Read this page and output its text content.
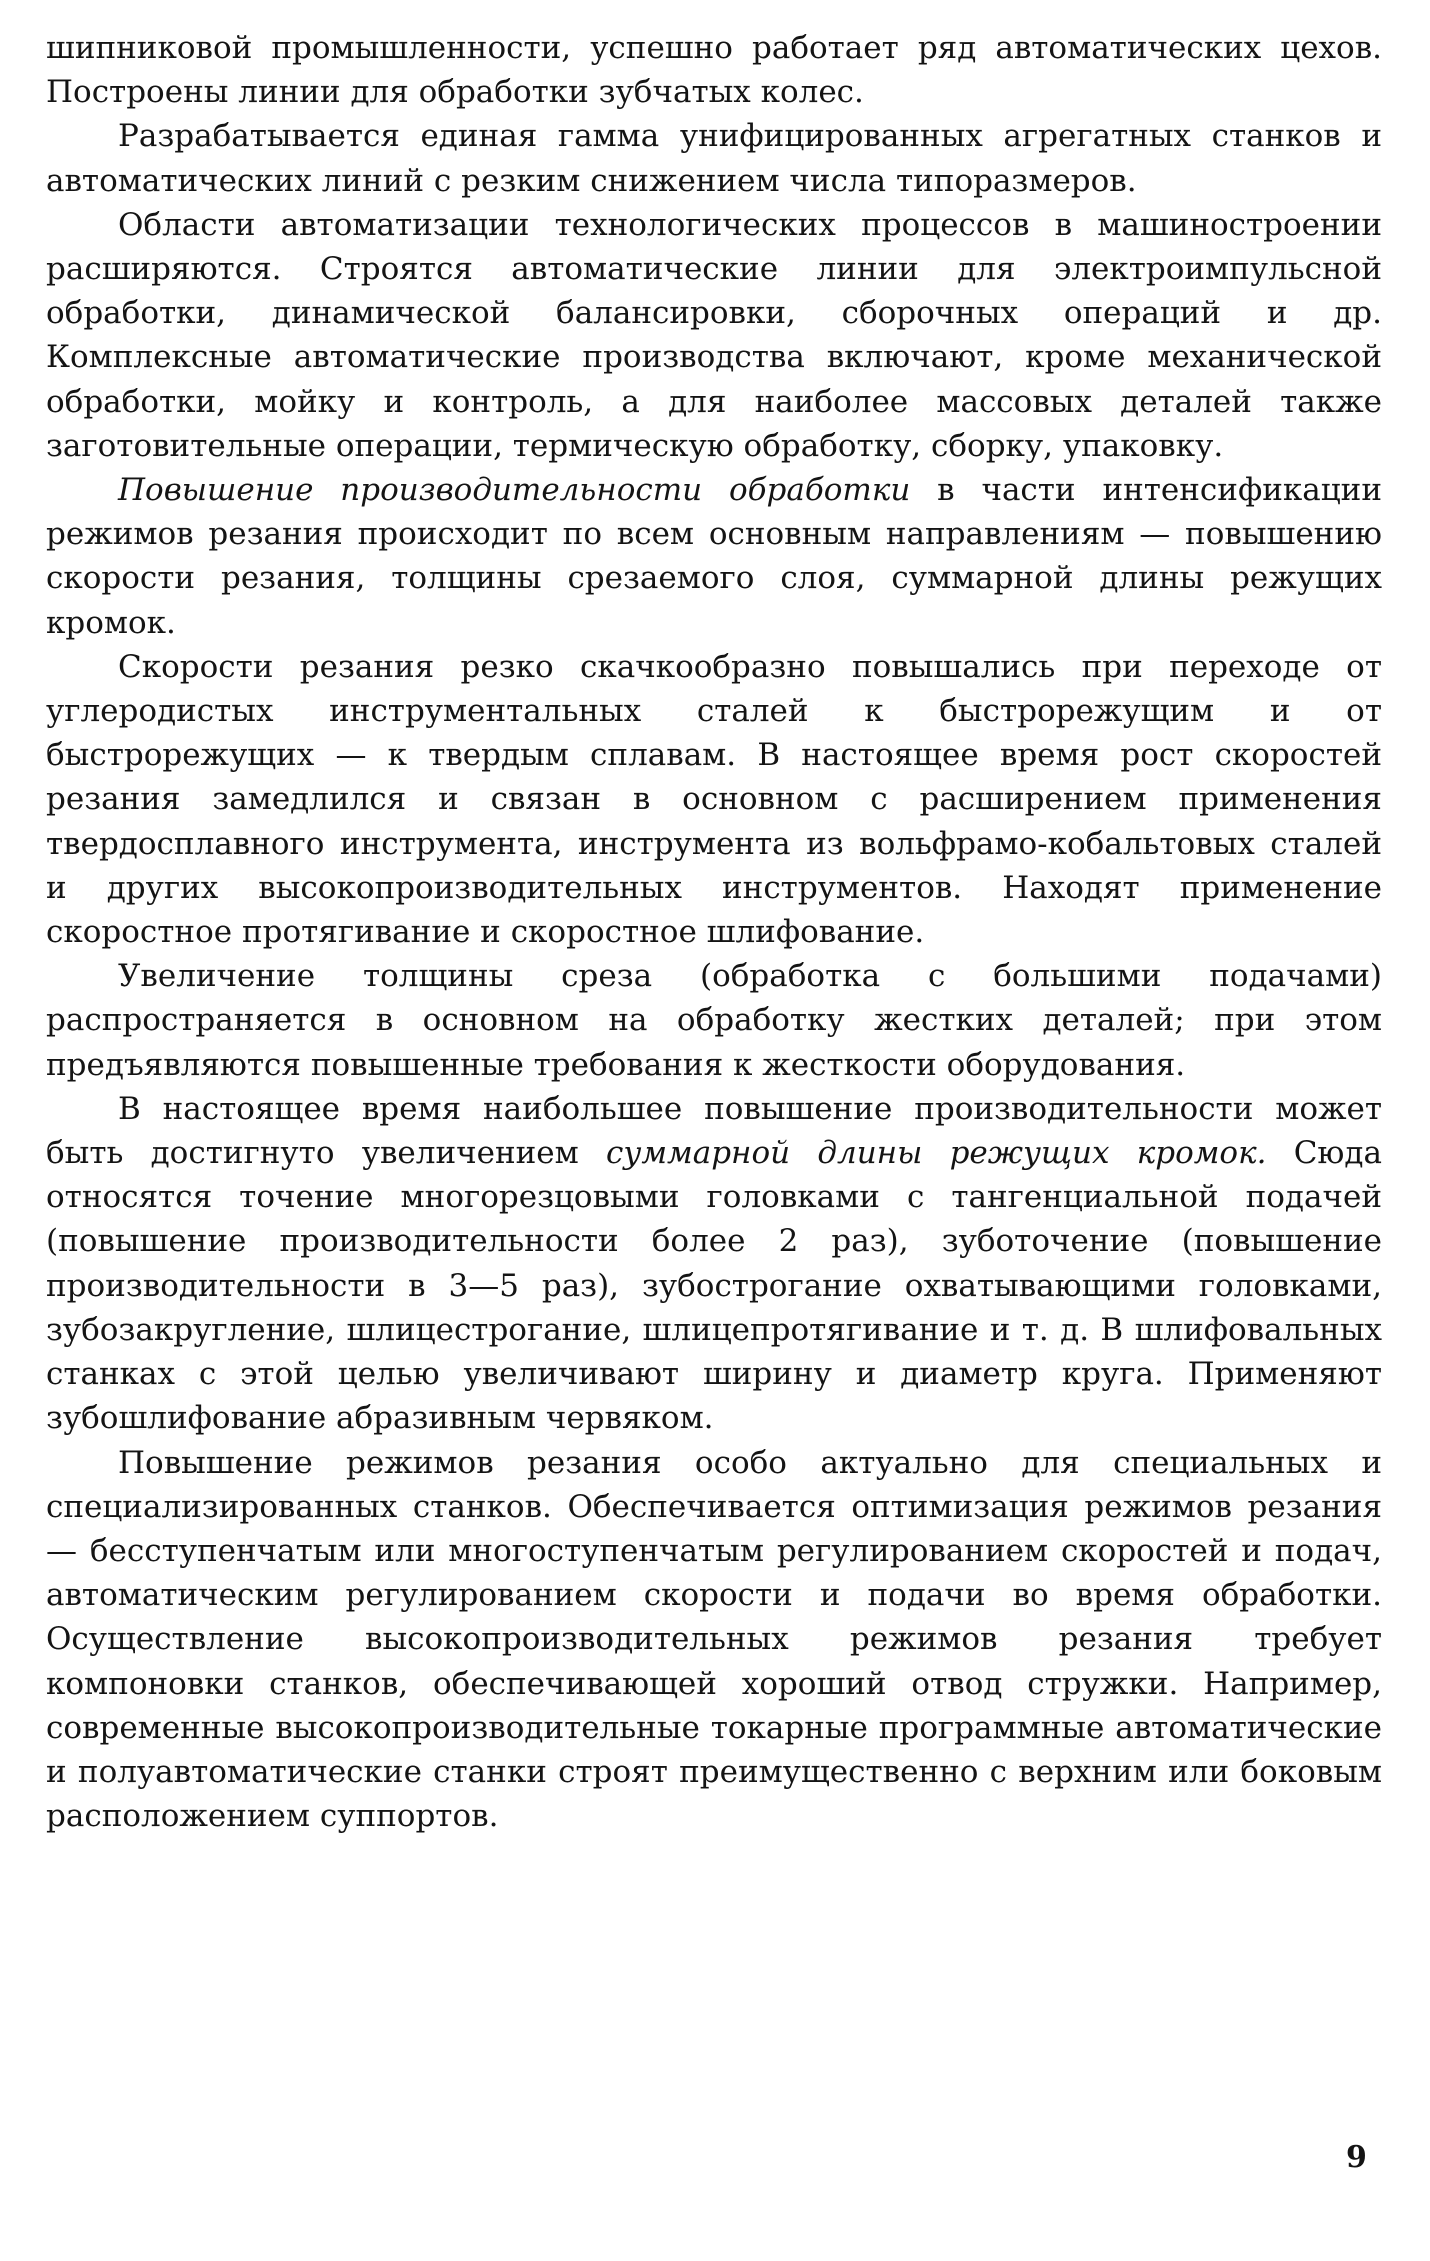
шипниковой промышленности, успешно работает ряд автоматических цехов. Построены линии для обработки зубчатых колес.

Разрабатывается единая гамма унифицированных агрегатных станков и автоматических линий с резким снижением числа типоразмеров.

Области автоматизации технологических процессов в машиностроении расширяются. Строятся автоматические линии для электроимпульсной обработки, динамической балансировки, сборочных операций и др. Комплексные автоматические производства включают, кроме механической обработки, мойку и контроль, а для наиболее массовых деталей также заготовительные операции, термическую обработку, сборку, упаковку.

Повышение производительности обработки в части интенсификации режимов резания происходит по всем основным направлениям — повышению скорости резания, толщины срезаемого слоя, суммарной длины режущих кромок.

Скорости резания резко скачкообразно повышались при переходе от углеродистых инструментальных сталей к быстрорежущим и от быстрорежущих — к твердым сплавам. В настоящее время рост скоростей резания замедлился и связан в основном с расширением применения твердосплавного инструмента, инструмента из вольфрамо-кобальтовых сталей и других высокопроизводительных инструментов. Находят применение скоростное протягивание и скоростное шлифование.

Увеличение толщины среза (обработка с большими подачами) распространяется в основном на обработку жестких деталей; при этом предъявляются повышенные требования к жесткости оборудования.

В настоящее время наибольшее повышение производительности может быть достигнуто увеличением суммарной длины режущих кромок. Сюда относятся точение многорезцовыми головками с тангенциальной подачей (повышение производительности более 2 раз), зуботочение (повышение производительности в 3—5 раз), зубострогание охватывающими головками, зубозакругление, шлицестрогание, шлицепротягивание и т. д. В шлифовальных станках с этой целью увеличивают ширину и диаметр круга. Применяют зубошлифование абразивным червяком.

Повышение режимов резания особо актуально для специальных и специализированных станков. Обеспечивается оптимизация режимов резания — бесступенчатым или многоступенчатым регулированием скоростей и подач, автоматическим регулированием скорости и подачи во время обработки. Осуществление высокопроизводительных режимов резания требует компоновки станков, обеспечивающей хороший отвод стружки. Например, современные высокопроизводительные токарные программные автоматические и полуавтоматические станки строят преимущественно с верхним или боковым расположением суппортов.

9
